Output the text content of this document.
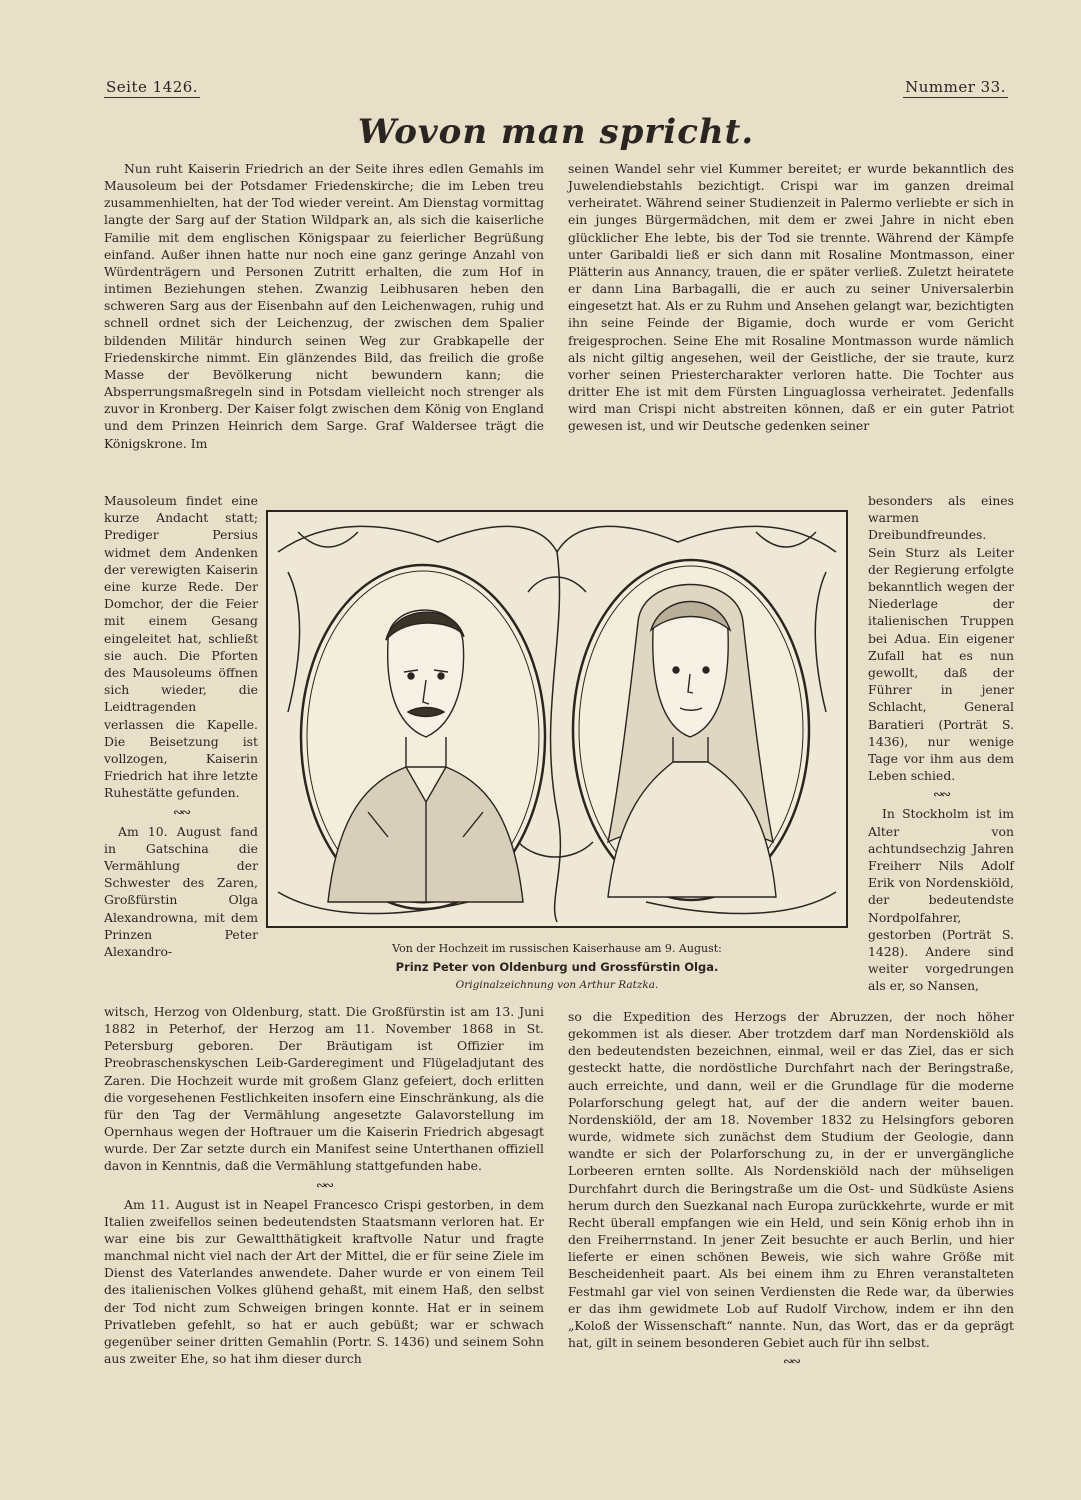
Seite 1426.	Nummer 33.
Wovon man spricht.

Nun ruht Kaiserin Friedrich an der Seite ihres edlen Gemahls im Mausoleum bei der Potsdamer Friedenskirche; die im Leben treu zusammenhielten, hat der Tod wieder vereint. Am Dienstag vormittag langte der Sarg auf der Station Wildpark an, als sich die kaiserliche Familie mit dem englischen Königspaar zu feierlicher Begrüßung einfand. Außer ihnen hatte nur noch eine ganz geringe Anzahl von Würdenträgern und Personen Zutritt erhalten, die zum Hof in intimen Beziehungen stehen. Zwanzig Leibhusaren heben den schweren Sarg aus der Eisenbahn auf den Leichenwagen, ruhig und schnell ordnet sich der Leichenzug, der zwischen dem Spalier bildenden Militär hindurch seinen Weg zur Grabkapelle der Friedenskirche nimmt. Ein glänzendes Bild, das freilich die große Masse der Bevölkerung nicht bewundern kann; die Absperrungsmaßregeln sind in Potsdam vielleicht noch strenger als zuvor in Kronberg. Der Kaiser folgt zwischen dem König von England und dem Prinzen Heinrich dem Sarge. Graf Waldersee trägt die Königskrone. Im

Mausoleum findet eine kurze Andacht statt; Prediger Persius widmet dem Andenken der verewigten Kaiserin eine kurze Rede. Der Domchor, der die Feier mit einem Gesang eingeleitet hat, schließt sie auch. Die Pforten des Mausoleums öffnen sich wieder, die Leidtragenden verlassen die Kapelle. Die Beisetzung ist vollzogen, Kaiserin Friedrich hat ihre letzte Ruhestätte gefunden.

∾∾

Am 10. August fand in Gatschina die Vermählung der Schwester des Zaren, Großfürstin Olga Alexandrowna, mit dem Prinzen Peter Alexandro-

witsch, Herzog von Oldenburg, statt. Die Großfürstin ist am 13. Juni 1882 in Peterhof, der Herzog am 11. November 1868 in St. Petersburg geboren. Der Bräutigam ist Offizier im Preobraschenskyschen Leib-Garderegiment und Flügeladjutant des Zaren. Die Hochzeit wurde mit großem Glanz gefeiert, doch erlitten die vorgesehenen Festlichkeiten insofern eine Einschränkung, als die für den Tag der Vermählung angesetzte Galavorstellung im Opernhaus wegen der Hoftrauer um die Kaiserin Friedrich abgesagt wurde. Der Zar setzte durch ein Manifest seine Unterthanen offiziell davon in Kenntnis, daß die Vermählung stattgefunden habe.

∾∾

Am 11. August ist in Neapel Francesco Crispi gestorben, in dem Italien zweifellos seinen bedeutendsten Staatsmann verloren hat. Er war eine bis zur Gewaltthätigkeit kraftvolle Natur und fragte manchmal nicht viel nach der Art der Mittel, die er für seine Ziele im Dienst des Vaterlandes anwendete. Daher wurde er von einem Teil des italienischen Volkes glühend gehaßt, mit einem Haß, den selbst der Tod nicht zum Schweigen bringen konnte. Hat er in seinem Privatleben gefehlt, so hat er auch gebüßt; war er schwach gegenüber seiner dritten Gemahlin (Portr. S. 1436) und seinem Sohn aus zweiter Ehe, so hat ihm dieser durch

seinen Wandel sehr viel Kummer bereitet; er wurde bekanntlich des Juwelendiebstahls bezichtigt. Crispi war im ganzen dreimal verheiratet. Während seiner Studienzeit in Palermo verliebte er sich in ein junges Bürgermädchen, mit dem er zwei Jahre in nicht eben glücklicher Ehe lebte, bis der Tod sie trennte. Während der Kämpfe unter Garibaldi ließ er sich dann mit Rosaline Montmasson, einer Plätterin aus Annancy, trauen, die er später verließ. Zuletzt heiratete er dann Lina Barbagalli, die er auch zu seiner Universalerbin eingesetzt hat. Als er zu Ruhm und Ansehen gelangt war, bezichtigten ihn seine Feinde der Bigamie, doch wurde er vom Gericht freigesprochen. Seine Ehe mit Rosaline Montmasson wurde nämlich als nicht giltig angesehen, weil der Geistliche, der sie traute, kurz vorher seinen Priestercharakter verloren hatte. Die Tochter aus dritter Ehe ist mit dem Fürsten Linguaglossa verheiratet. Jedenfalls wird man Crispi nicht abstreiten können, daß er ein guter Patriot gewesen ist, und wir Deutsche gedenken seiner

besonders als eines warmen Dreibundfreundes. Sein Sturz als Leiter der Regierung erfolgte bekanntlich wegen der Niederlage der italienischen Truppen bei Adua. Ein eigener Zufall hat es nun gewollt, daß der Führer in jener Schlacht, General Baratieri (Porträt S. 1436), nur wenige Tage vor ihm aus dem Leben schied.

∾∾

In Stockholm ist im Alter von achtundsechzig Jahren Freiherr Nils Adolf Erik von Nordenskiöld, der bedeutendste Nordpolfahrer, gestorben (Porträt S. 1428). Andere sind weiter vorgedrungen als er, so Nansen,

so die Expedition des Herzogs der Abruzzen, der noch höher gekommen ist als dieser. Aber trotzdem darf man Nordenskiöld als den bedeutendsten bezeichnen, einmal, weil er das Ziel, das er sich gesteckt hatte, die nordöstliche Durchfahrt nach der Beringstraße, auch erreichte, und dann, weil er die Grundlage für die moderne Polarforschung gelegt hat, auf der die andern weiter bauen. Nordenskiöld, der am 18. November 1832 zu Helsingfors geboren wurde, widmete sich zunächst dem Studium der Geologie, dann wandte er sich der Polarforschung zu, in der er unvergängliche Lorbeeren ernten sollte. Als Nordenskiöld nach der mühseligen Durchfahrt durch die Beringstraße um die Ost- und Südküste Asiens herum durch den Suezkanal nach Europa zurückkehrte, wurde er mit Recht überall empfangen wie ein Held, und sein König erhob ihn in den Freiherrnstand. In jener Zeit besuchte er auch Berlin, und hier lieferte er einen schönen Beweis, wie sich wahre Größe mit Bescheidenheit paart. Als bei einem ihm zu Ehren veranstalteten Festmahl gar viel von seinen Verdiensten die Rede war, da überwies er das ihm gewidmete Lob auf Rudolf Virchow, indem er ihn den „Koloß der Wissenschaft“ nannte. Nun, das Wort, das er da geprägt hat, gilt in seinem besonderen Gebiet auch für ihn selbst.

∾∾
Von der Hochzeit im russischen Kaiserhause am 9. August:
Prinz Peter von Oldenburg und Grossfürstin Olga.
Originalzeichnung von Arthur Ratzka.
